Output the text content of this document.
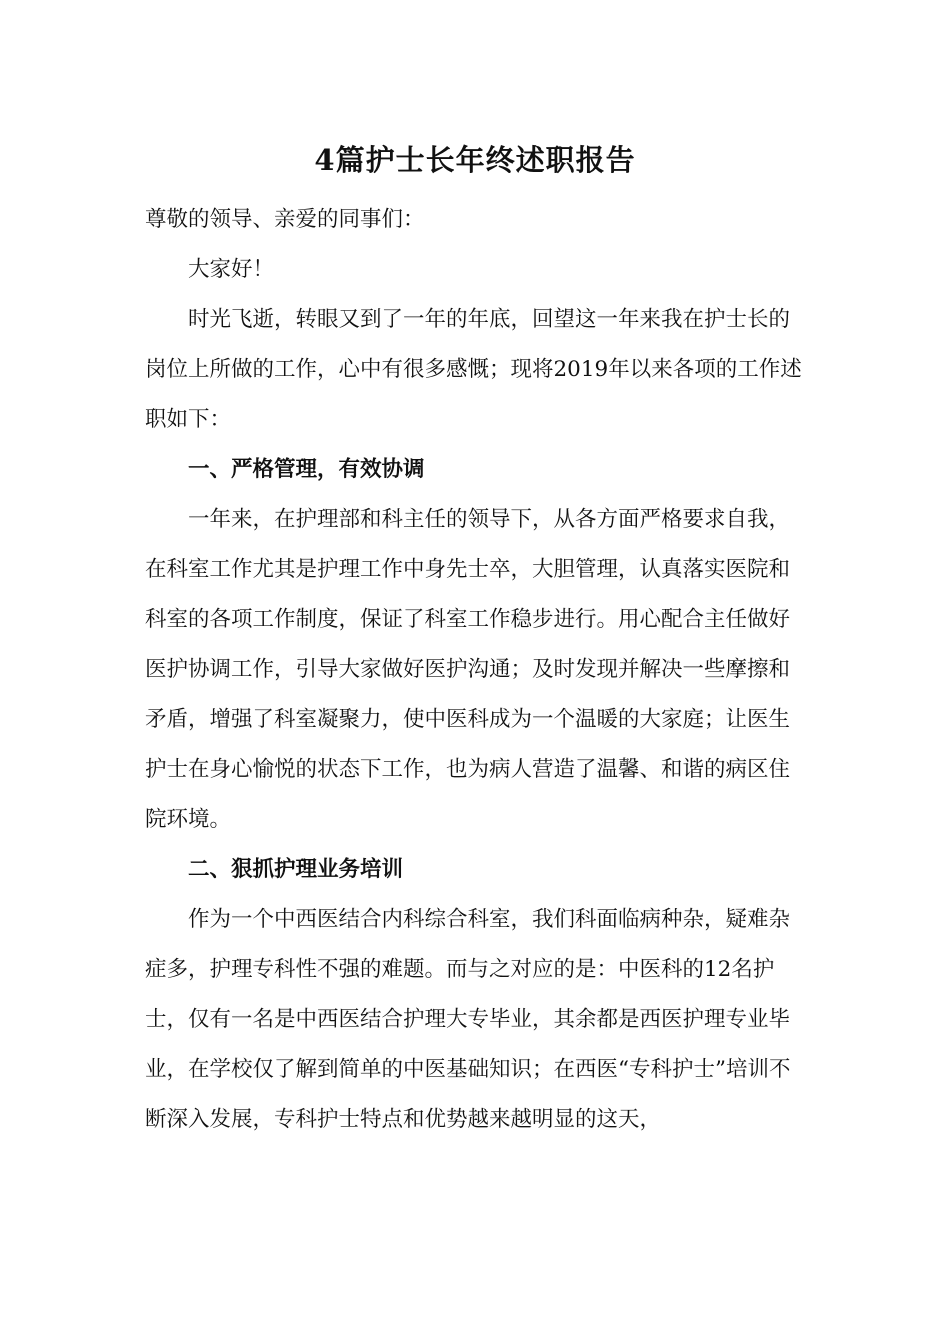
4篇护士长年终述职报告

尊敬的领导、亲爱的同事们：

大家好！

时光飞逝，转眼又到了一年的年底，回望这一年来我在护士长的岗位上所做的工作，心中有很多感慨；现将2019年以来各项的工作述职如下：

一、严格管理，有效协调

一年来，在护理部和科主任的领导下，从各方面严格要求自我，在科室工作尤其是护理工作中身先士卒，大胆管理，认真落实医院和科室的各项工作制度，保证了科室工作稳步进行。用心配合主任做好医护协调工作，引导大家做好医护沟通；及时发现并解决一些摩擦和矛盾，增强了科室凝聚力，使中医科成为一个温暖的大家庭；让医生护士在身心愉悦的状态下工作，也为病人营造了温馨、和谐的病区住院环境。

二、狠抓护理业务培训

作为一个中西医结合内科综合科室，我们科面临病种杂，疑难杂症多，护理专科性不强的难题。而与之对应的是：中医科的12名护士，仅有一名是中西医结合护理大专毕业，其余都是西医护理专业毕业，在学校仅了解到简单的中医基础知识；在西医“专科护士”培训不断深入发展，专科护士特点和优势越来越明显的这天，
